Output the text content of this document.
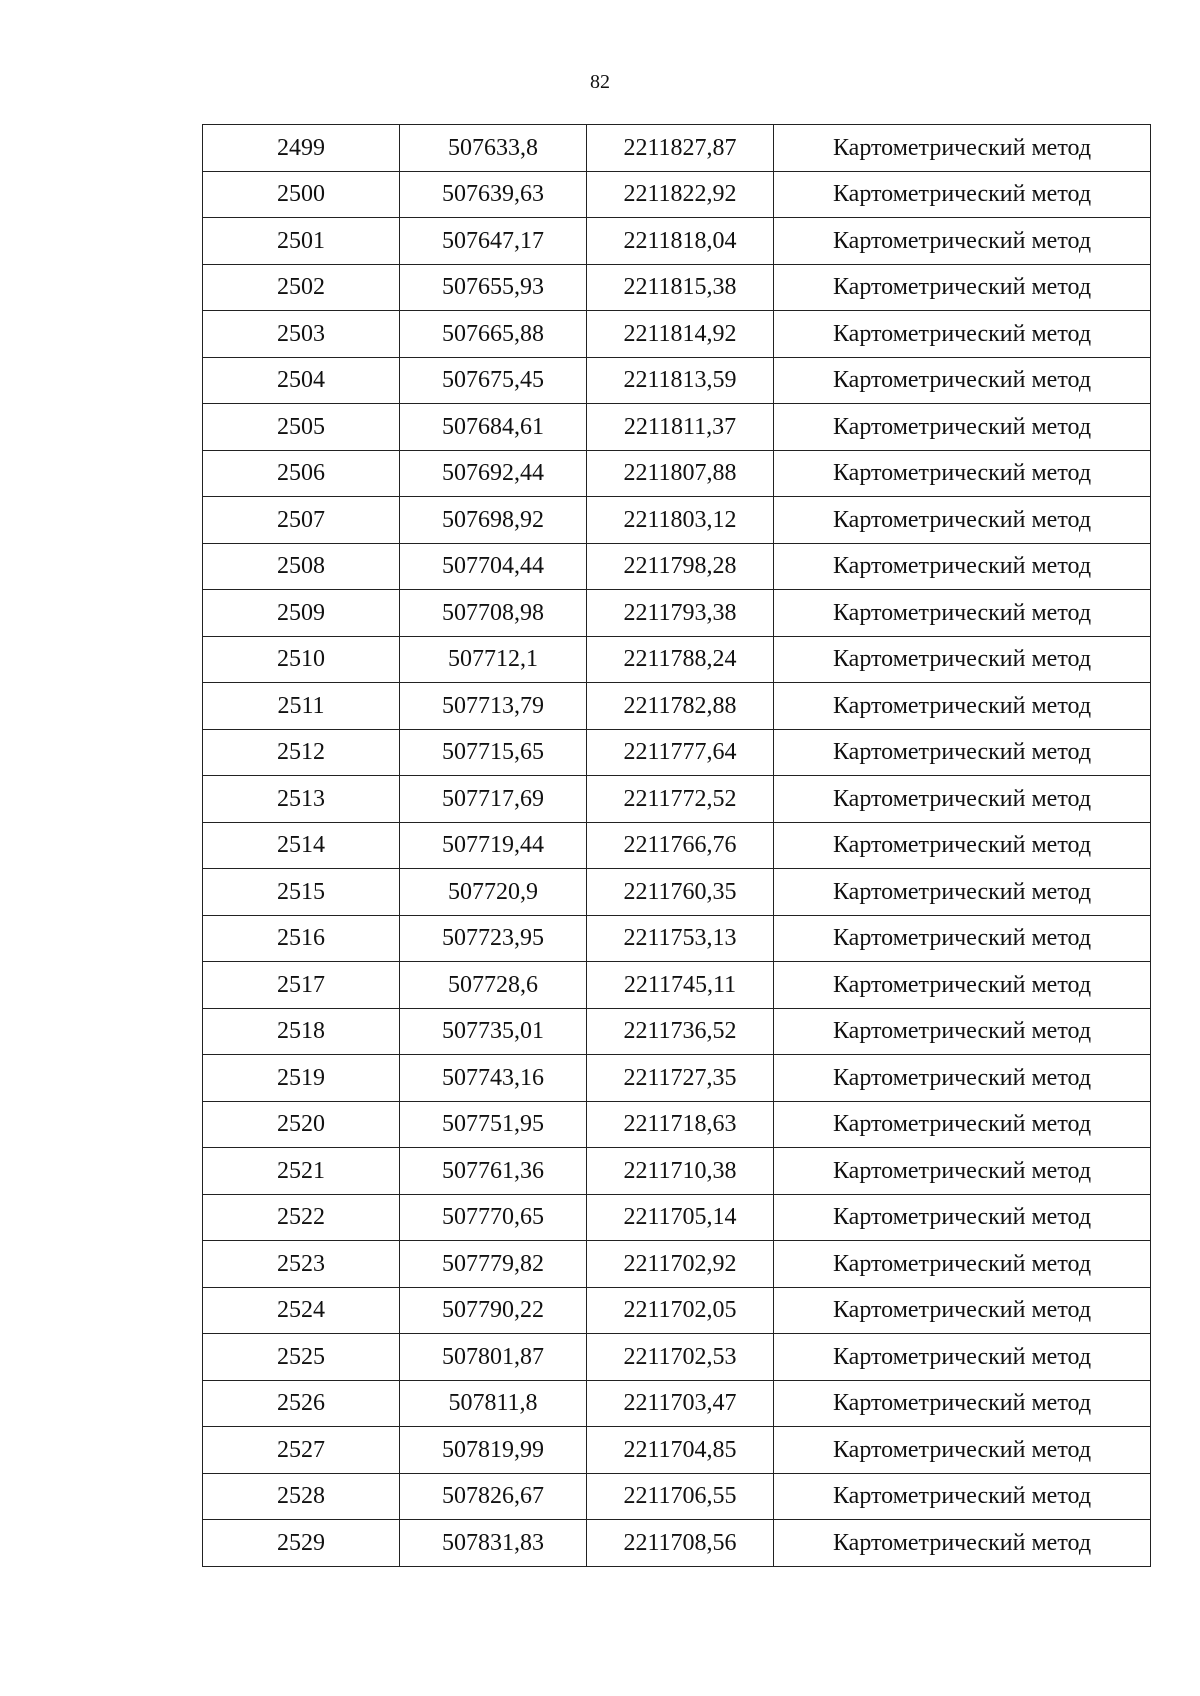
82
2499	507633,8	2211827,87	Картометрический метод
2500	507639,63	2211822,92	Картометрический метод
2501	507647,17	2211818,04	Картометрический метод
2502	507655,93	2211815,38	Картометрический метод
2503	507665,88	2211814,92	Картометрический метод
2504	507675,45	2211813,59	Картометрический метод
2505	507684,61	2211811,37	Картометрический метод
2506	507692,44	2211807,88	Картометрический метод
2507	507698,92	2211803,12	Картометрический метод
2508	507704,44	2211798,28	Картометрический метод
2509	507708,98	2211793,38	Картометрический метод
2510	507712,1	2211788,24	Картометрический метод
2511	507713,79	2211782,88	Картометрический метод
2512	507715,65	2211777,64	Картометрический метод
2513	507717,69	2211772,52	Картометрический метод
2514	507719,44	2211766,76	Картометрический метод
2515	507720,9	2211760,35	Картометрический метод
2516	507723,95	2211753,13	Картометрический метод
2517	507728,6	2211745,11	Картометрический метод
2518	507735,01	2211736,52	Картометрический метод
2519	507743,16	2211727,35	Картометрический метод
2520	507751,95	2211718,63	Картометрический метод
2521	507761,36	2211710,38	Картометрический метод
2522	507770,65	2211705,14	Картометрический метод
2523	507779,82	2211702,92	Картометрический метод
2524	507790,22	2211702,05	Картометрический метод
2525	507801,87	2211702,53	Картометрический метод
2526	507811,8	2211703,47	Картометрический метод
2527	507819,99	2211704,85	Картометрический метод
2528	507826,67	2211706,55	Картометрический метод
2529	507831,83	2211708,56	Картометрический метод
